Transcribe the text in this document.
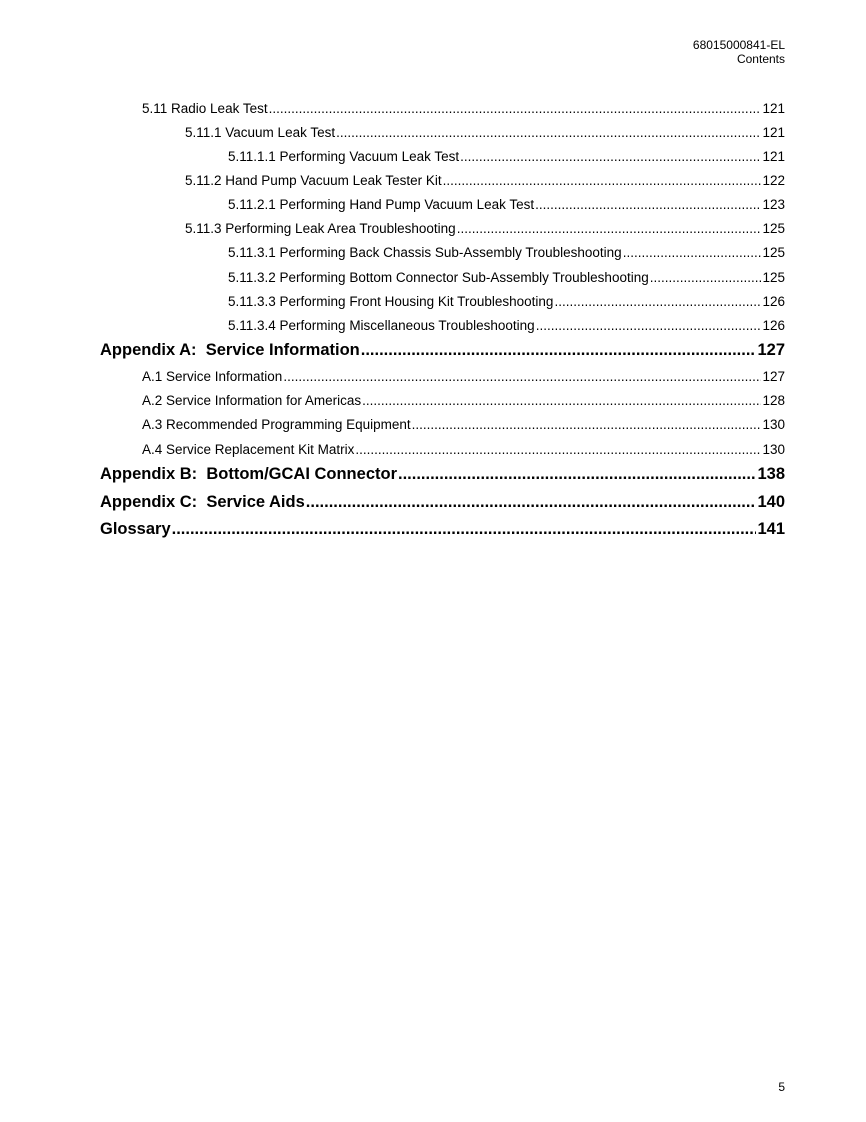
68015000841-EL
Contents
5.11 Radio Leak Test .....	121
5.11.1 Vacuum Leak Test .....	121
5.11.1.1 Performing Vacuum Leak Test .....	121
5.11.2 Hand Pump Vacuum Leak Tester Kit .....	122
5.11.2.1 Performing Hand Pump Vacuum Leak Test .....	123
5.11.3 Performing Leak Area Troubleshooting .....	125
5.11.3.1 Performing Back Chassis Sub-Assembly Troubleshooting .....	125
5.11.3.2 Performing Bottom Connector Sub-Assembly Troubleshooting .....	125
5.11.3.3 Performing Front Housing Kit Troubleshooting .....	126
5.11.3.4 Performing Miscellaneous Troubleshooting .....	126
Appendix A:  Service Information .....	127
A.1 Service Information .....	127
A.2 Service Information for Americas .....	128
A.3 Recommended Programming Equipment .....	130
A.4 Service Replacement Kit Matrix .....	130
Appendix B:  Bottom/GCAI Connector .....	138
Appendix C:  Service Aids .....	140
Glossary .....	141
5
